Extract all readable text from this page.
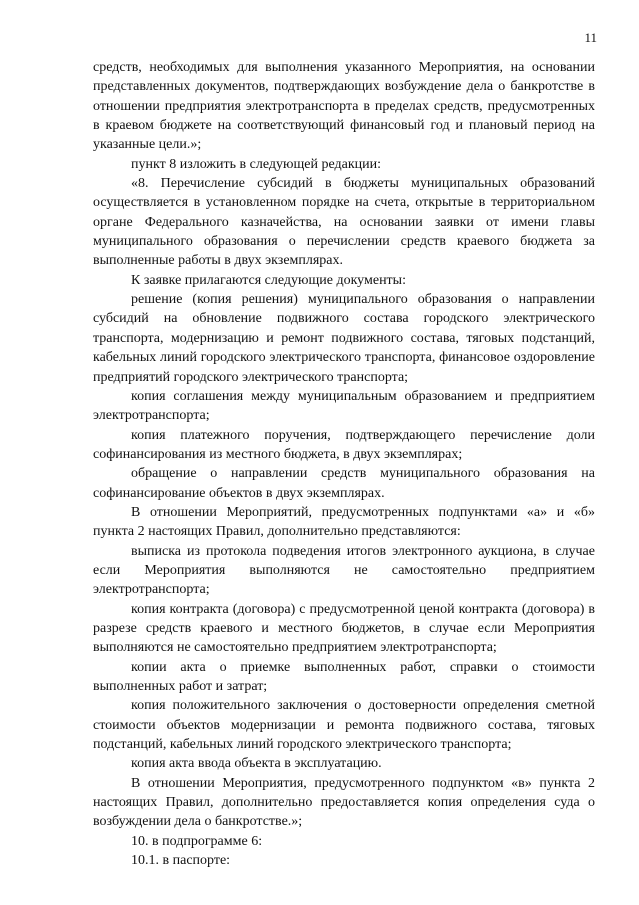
11

средств, необходимых для выполнения указанного Мероприятия, на основании представленных документов, подтверждающих возбуждение дела о банкротстве в отношении предприятия электротранспорта в пределах средств, предусмотренных в краевом бюджете на соответствующий финансовый год и плановый период на указанные цели.»;

пункт 8 изложить в следующей редакции:

«8. Перечисление субсидий в бюджеты муниципальных образований осуществляется в установленном порядке на счета, открытые в территориальном органе Федерального казначейства, на основании заявки от имени главы муниципального образования о перечислении средств краевого бюджета за выполненные работы в двух экземплярах.

К заявке прилагаются следующие документы:

решение (копия решения) муниципального образования о направлении субсидий на обновление подвижного состава городского электрического транспорта, модернизацию и ремонт подвижного состава, тяговых подстанций, кабельных линий городского электрического транспорта, финансовое оздоровление предприятий городского электрического транспорта;

копия соглашения между муниципальным образованием и предприятием электротранспорта;

копия платежного поручения, подтверждающего перечисление доли софинансирования из местного бюджета, в двух экземплярах;

обращение о направлении средств муниципального образования на софинансирование объектов в двух экземплярах.

В отношении Мероприятий, предусмотренных подпунктами «а» и «б» пункта 2 настоящих Правил, дополнительно представляются:

выписка из протокола подведения итогов электронного аукциона, в случае если Мероприятия выполняются не самостоятельно предприятием электротранспорта;

копия контракта (договора) с предусмотренной ценой контракта (договора) в разрезе средств краевого и местного бюджетов, в случае если Мероприятия выполняются не самостоятельно предприятием электротранспорта;

копии акта о приемке выполненных работ, справки о стоимости выполненных работ и затрат;

копия положительного заключения о достоверности определения сметной стоимости объектов модернизации и ремонта подвижного состава, тяговых подстанций, кабельных линий городского электрического транспорта;

копия акта ввода объекта в эксплуатацию.

В отношении Мероприятия, предусмотренного подпунктом «в» пункта 2 настоящих Правил, дополнительно предоставляется копия определения суда о возбуждении дела о банкротстве.»;

10. в подпрограмме 6:

10.1. в паспорте:
